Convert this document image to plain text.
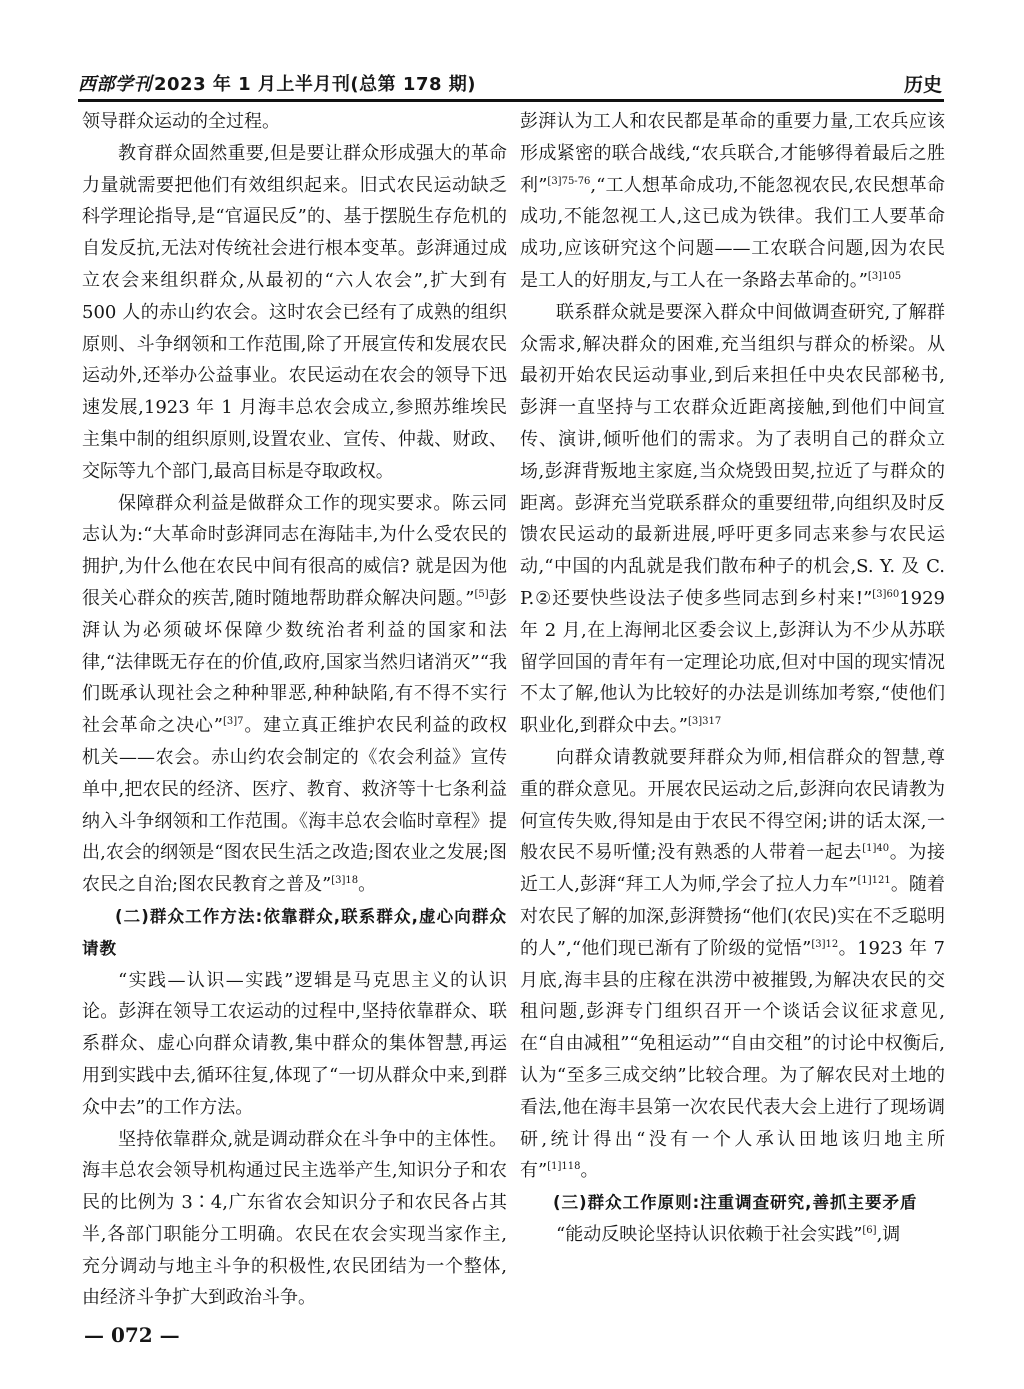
西部学刊 2023 年 1 月上半月刊(总第 178 期)	历史

领导群众运动的全过程。

教育群众固然重要,但是要让群众形成强大的革命力量就需要把他们有效组织起来。旧式农民运动缺乏科学理论指导,是“官逼民反”的、基于摆脱生存危机的自发反抗,无法对传统社会进行根本变革。彭湃通过成立农会来组织群众,从最初的“六人农会”,扩大到有 500 人的赤山约农会。这时农会已经有了成熟的组织原则、斗争纲领和工作范围,除了开展宣传和发展农民运动外,还举办公益事业。农民运动在农会的领导下迅速发展,1923 年 1 月海丰总农会成立,参照苏维埃民主集中制的组织原则,设置农业、宣传、仲裁、财政、交际等九个部门,最高目标是夺取政权。

保障群众利益是做群众工作的现实要求。陈云同志认为:“大革命时彭湃同志在海陆丰,为什么受农民的拥护,为什么他在农民中间有很高的威信? 就是因为他很关心群众的疾苦,随时随地帮助群众解决问题。”[5]彭湃认为必须破坏保障少数统治者利益的国家和法律,“法律既无存在的价值,政府,国家当然归诸消灭”“我们既承认现社会之种种罪恶,种种缺陷,有不得不实行社会革命之决心”$^{[3]7}$。建立真正维护农民利益的政权机关——农会。赤山约农会制定的《农会利益》宣传单中,把农民的经济、医疗、教育、救济等十七条利益纳入斗争纲领和工作范围。《海丰总农会临时章程》提出,农会的纲领是“图农民生活之改造;图农业之发展;图农民之自治;图农民教育之普及”$^{[3]18}$。

(二)群众工作方法:依靠群众,联系群众,虚心向群众请教

“实践—认识—实践”逻辑是马克思主义的认识论。彭湃在领导工农运动的过程中,坚持依靠群众、联系群众、虚心向群众请教,集中群众的集体智慧,再运用到实践中去,循环往复,体现了“一切从群众中来,到群众中去”的工作方法。

坚持依靠群众,就是调动群众在斗争中的主体性。海丰总农会领导机构通过民主选举产生,知识分子和农民的比例为 3∶4,广东省农会知识分子和农民各占其半,各部门职能分工明确。农民在农会实现当家作主,充分调动与地主斗争的积极性,农民团结为一个整体,由经济斗争扩大到政治斗争。

彭湃认为工人和农民都是革命的重要力量,工农兵应该形成紧密的联合战线,“农兵联合,才能够得着最后之胜利”$^{[3]75-76}$,“工人想革命成功,不能忽视农民,农民想革命成功,不能忽视工人,这已成为铁律。我们工人要革命成功,应该研究这个问题——工农联合问题,因为农民是工人的好朋友,与工人在一条路去革命的。”$^{[3]105}$

联系群众就是要深入群众中间做调查研究,了解群众需求,解决群众的困难,充当组织与群众的桥梁。从最初开始农民运动事业,到后来担任中央农民部秘书,彭湃一直坚持与工农群众近距离接触,到他们中间宣传、演讲,倾听他们的需求。为了表明自己的群众立场,彭湃背叛地主家庭,当众烧毁田契,拉近了与群众的距离。彭湃充当党联系群众的重要纽带,向组织及时反馈农民运动的最新进展,呼吁更多同志来参与农民运动,“中国的内乱就是我们散布种子的机会,S. Y. 及 C. P.②还要快些设法子使多些同志到乡村来!”$^{[3]60}$1929 年 2 月,在上海闸北区委会议上,彭湃认为不少从苏联留学回国的青年有一定理论功底,但对中国的现实情况不太了解,他认为比较好的办法是训练加考察,“使他们职业化,到群众中去。”$^{[3]317}$

向群众请教就要拜群众为师,相信群众的智慧,尊重的群众意见。开展农民运动之后,彭湃向农民请教为何宣传失败,得知是由于农民不得空闲;讲的话太深,一般农民不易听懂;没有熟悉的人带着一起去$^{[1]40}$。为接近工人,彭湃“拜工人为师,学会了拉人力车”$^{[1]121}$。随着对农民了解的加深,彭湃赞扬“他们(农民)实在不乏聪明的人”,“他们现已渐有了阶级的觉悟”$^{[3]12}$。1923 年 7 月底,海丰县的庄稼在洪涝中被摧毁,为解决农民的交租问题,彭湃专门组织召开一个谈话会议征求意见,在“自由减租”“免租运动”“自由交租”的讨论中权衡后,认为“至多三成交纳”比较合理。为了解农民对土地的看法,他在海丰县第一次农民代表大会上进行了现场调研,统计得出“没有一个人承认田地该归地主所有”$^{[1]118}$。

(三)群众工作原则:注重调查研究,善抓主要矛盾

“能动反映论坚持认识依赖于社会实践”[6],调

— 072 —
